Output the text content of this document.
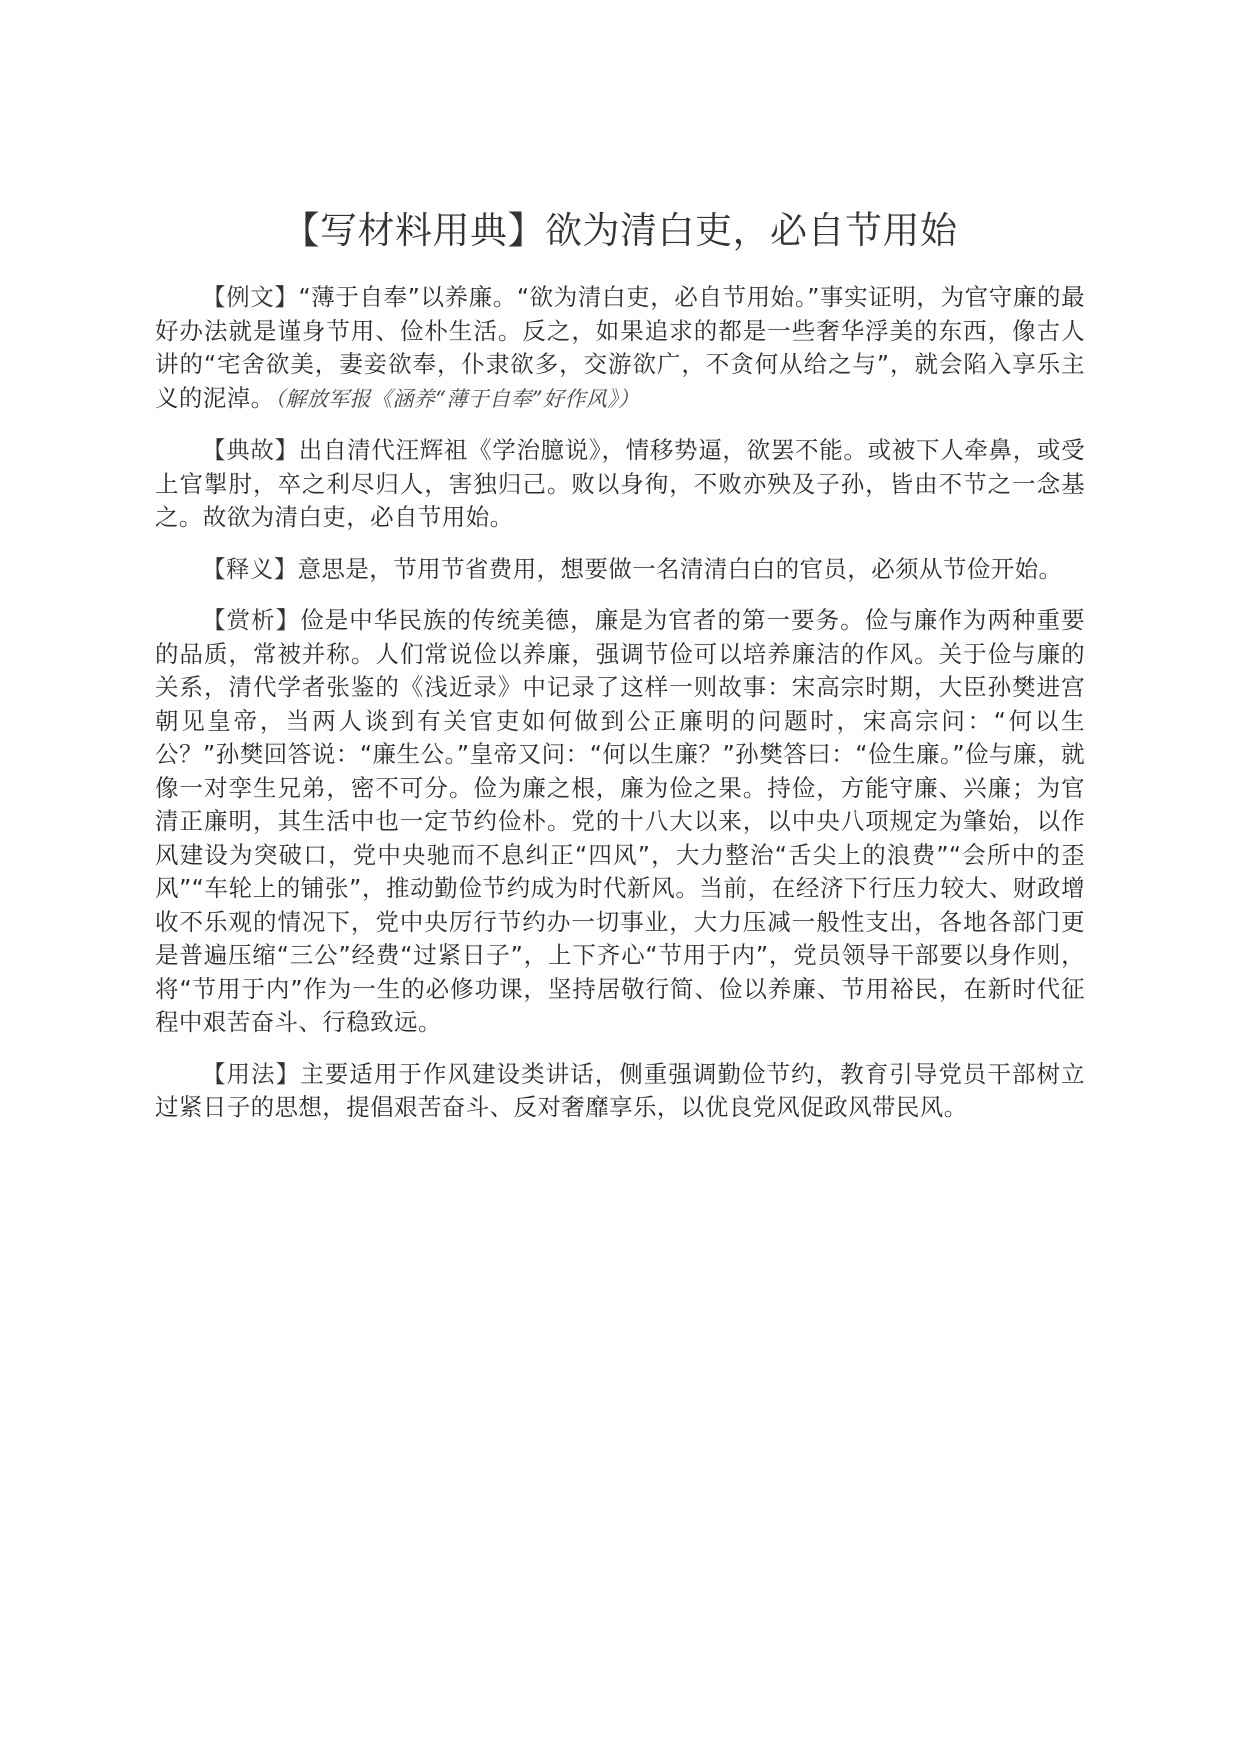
【写材料用典】欲为清白吏，必自节用始

【例文】“薄于自奉”以养廉。“欲为清白吏，必自节用始。”事实证明，为官守廉的最好办法就是谨身节用、俭朴生活。反之，如果追求的都是一些奢华浮美的东西，像古人讲的“宅舍欲美，妻妾欲奉，仆隶欲多，交游欲广，不贪何从给之与”，就会陷入享乐主义的泥淖。（解放军报《涵养“薄于自奉”好作风》）

【典故】出自清代汪辉祖《学治臆说》，情移势逼，欲罢不能。或被下人牵鼻，或受上官掣肘，卒之利尽归人，害独归己。败以身徇，不败亦殃及子孙，皆由不节之一念基之。故欲为清白吏，必自节用始。

【释义】意思是，节用节省费用，想要做一名清清白白的官员，必须从节俭开始。

【赏析】俭是中华民族的传统美德，廉是为官者的第一要务。俭与廉作为两种重要的品质，常被并称。人们常说俭以养廉，强调节俭可以培养廉洁的作风。关于俭与廉的关系，清代学者张鉴的《浅近录》中记录了这样一则故事：宋高宗时期，大臣孙樊进宫朝见皇帝，当两人谈到有关官吏如何做到公正廉明的问题时，宋高宗问：“何以生公？”孙樊回答说：“廉生公。”皇帝又问：“何以生廉？”孙樊答曰：“俭生廉。”俭与廉，就像一对孪生兄弟，密不可分。俭为廉之根，廉为俭之果。持俭，方能守廉、兴廉；为官清正廉明，其生活中也一定节约俭朴。党的十八大以来，以中央八项规定为肇始，以作风建设为突破口，党中央驰而不息纠正“四风”，大力整治“舌尖上的浪费”“会所中的歪风”“车轮上的铺张”，推动勤俭节约成为时代新风。当前，在经济下行压力较大、财政增收不乐观的情况下，党中央厉行节约办一切事业，大力压减一般性支出，各地各部门更是普遍压缩“三公”经费“过紧日子”，上下齐心“节用于内”，党员领导干部要以身作则，将“节用于内”作为一生的必修功课，坚持居敬行简、俭以养廉、节用裕民，在新时代征程中艰苦奋斗、行稳致远。

【用法】主要适用于作风建设类讲话，侧重强调勤俭节约，教育引导党员干部树立过紧日子的思想，提倡艰苦奋斗、反对奢靡享乐，以优良党风促政风带民风。
